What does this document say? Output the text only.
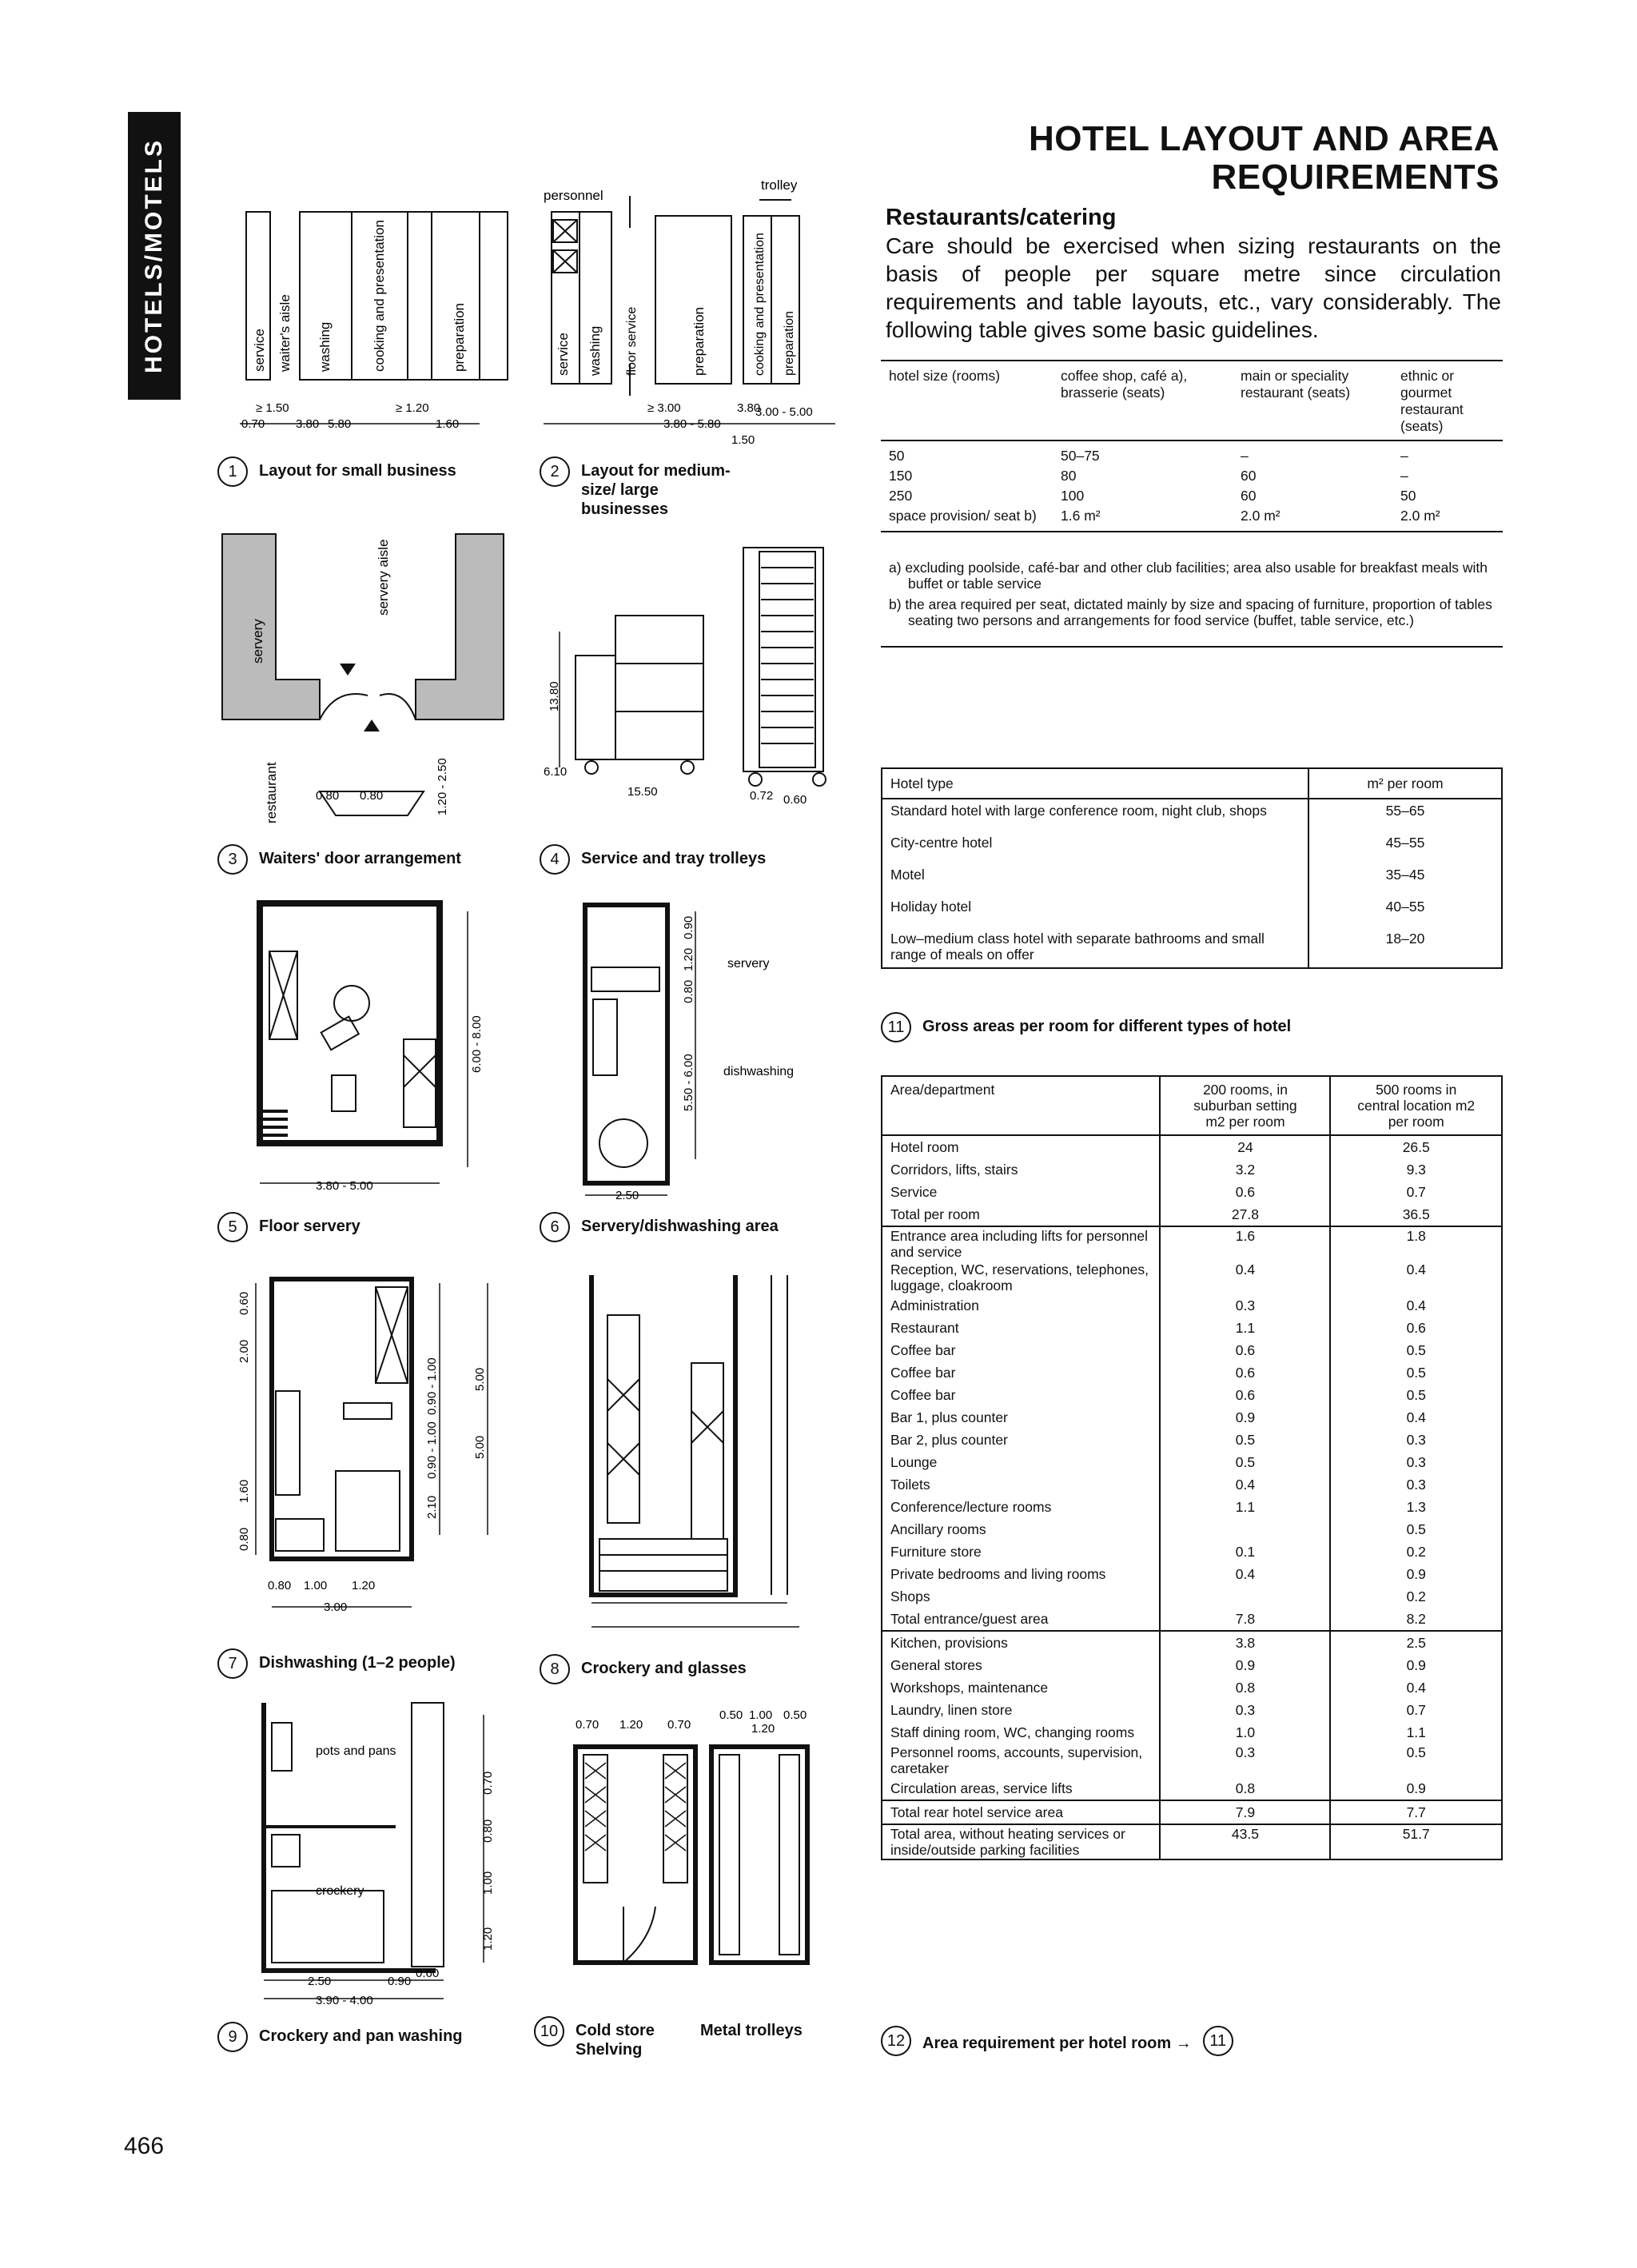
HOTELS/MOTELS	HOTEL LAYOUT AND AREA
REQUIREMENTS
Restaurants/catering
Care should be exercised when sizing restaurants on the basis of people per square metre since circulation requirements and table layouts, etc., vary considerably. The following table gives some basic guidelines.
service waiter's aisle washing	cooking and presentation	preparation
≥ 1.50	≥ 1.20
0.70	3.80 5.80	1.60
1	Layout for small business
personnel
trolley
service washing floor service	preparation	cooking and presentation preparation
≥ 3.00	3.80
3.80 - 5.80
3.00 - 5.00
1.50
2	Layout for medium-size/ large businesses
servery
servery aisle
restaurant	0.80 0.80	1.20 - 2.50
3	Waiters' door arrangement
13.80
6.10
15.50	0.72 0.60
4	Service and tray trolleys
6.00 - 8.00
3.80 - 5.00
5	Floor servery
servery
dishwashing
0.90
1.20
0.80
5.50 - 6.00
2.50
6	Servery/dishwashing area
0.60
2.00
1.60
0.80
0.90 - 1.00
0.90 - 1.00
5.00
5.00
2.10
0.80 1.00 1.20
3.00
7	Dishwashing (1–2 people)	8	Crockery and glasses
pots and pans
crockery
1.20
1.00
0.80
0.70
0.60
2.50	0.90
3.90 - 4.00
9	Crockery and pan washing
0.70 1.20 0.70
0.50 1.00 0.50
1.20
10	Cold store
Shelving
Metal trolleys
hotel size (rooms)	coffee shop, café a), brasserie (seats)	main or speciality restaurant (seats)	ethnic or gourmet restaurant (seats)
50	50–75	–	–
150	80	60	–
250	100	60	50
space provision/ seat b)	1.6 m²	2.0 m²	2.0 m²

a) excluding poolside, café-bar and other club facilities; area also usable for breakfast meals with buffet or table service

b) the area required per seat, dictated mainly by size and spacing of furniture, proportion of tables seating two persons and arrangements for food service (buffet, table service, etc.)

Hotel type	m² per room
Standard hotel with large conference room, night club, shops	55–65
City-centre hotel	45–55
Motel	35–45
Holiday hotel	40–55
Low–medium class hotel with separate bathrooms and small range of meals on offer	18–20
11	Gross areas per room for different types of hotel
Area/department	200 rooms, in suburban setting m2 per room	500 rooms in central location m2 per room
Hotel room	24	26.5
Corridors, lifts, stairs	3.2	9.3
Service	0.6	0.7
Total per room	27.8	36.5
Entrance area including lifts for personnel and service	1.6	1.8
Reception, WC, reservations, telephones, luggage, cloakroom	0.4	0.4
Administration	0.3	0.4
Restaurant	1.1	0.6
Coffee bar	0.6	0.5
Coffee bar	0.6	0.5
Coffee bar	0.6	0.5
Bar 1, plus counter	0.9	0.4
Bar 2, plus counter	0.5	0.3
Lounge	0.5	0.3
Toilets	0.4	0.3
Conference/lecture rooms	1.1	1.3
Ancillary rooms		0.5
Furniture store	0.1	0.2
Private bedrooms and living rooms	0.4	0.9
Shops		0.2
Total entrance/guest area	7.8	8.2
Kitchen, provisions	3.8	2.5
General stores	0.9	0.9
Workshops, maintenance	0.8	0.4
Laundry, linen store	0.3	0.7
Staff dining room, WC, changing rooms	1.0	1.1
Personnel rooms, accounts, supervision, caretaker	0.3	0.5
Circulation areas, service lifts	0.8	0.9
Total rear hotel service area	7.9	7.7
Total area, without heating services or inside/outside parking facilities	43.5	51.7
12	Area requirement per hotel room →	11
466
